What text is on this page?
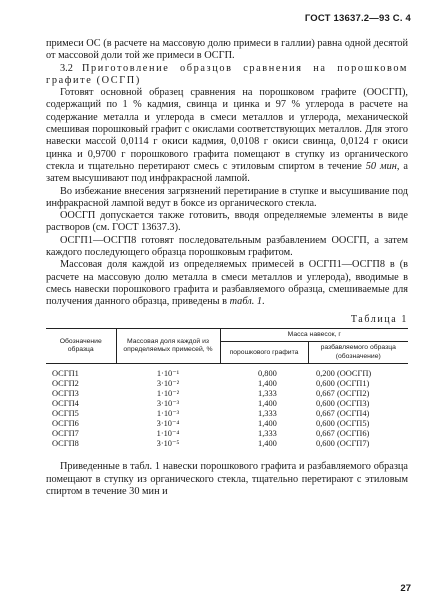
ГОСТ 13637.2—93 С. 4

примеси ОС (в расчете на массовую долю примеси в галлии) равна одной десятой от массовой доли той же примеси в ОСГП.

3.2 Приготовление образцов сравнения на порошковом графите (ОСГП)

Готовят основной образец сравнения на порошковом графите (ООСГП), содержащий по 1 % кадмия, свинца и цинка и 97 % углерода в расчете на содержание металла и углерода в смеси металлов и углерода, механической смешивая порошковый графит с окислами соответствующих металлов. Для этого навески массой 0,0114 г окиси кадмия, 0,0108 г окиси свинца, 0,0124 г окиси цинка и 0,9700 г порошкового графита помещают в ступку из органического стекла и тщательно перетирают смесь с этиловым спиртом в течение 50 мин, а затем высушивают под инфракрасной лампой.

Во избежание внесения загрязнений перетирание в ступке и высушивание под инфракрасной лампой ведут в боксе из органического стекла.

ООСГП допускается также готовить, вводя определяемые элементы в виде растворов (см. ГОСТ 13637.3).

ОСГП1—ОСГП8 готовят последовательным разбавлением ООСГП, а затем каждого последующего образца порошковым графитом.

Массовая доля каждой из определяемых примесей в ОСГП1—ОСГП8 в (в расчете на массовую долю металла в смеси металлов и углерода), вводимые в смесь навески порошкового графита и разбавляемого образца, смешиваемые для получения данного образца, приведены в табл. 1.

Таблица 1
Обозначение образца	Массовая доля каждой из определяемых примесей, %	Масса навесок, г	
		порошкового графита	разбавляемого образца (обозначение)
ОСГП1	1·10⁻¹	0,800	0,200 (ООСГП)
ОСГП2	3·10⁻²	1,400	0,600 (ОСГП1)
ОСГП3	1·10⁻²	1,333	0,667 (ОСГП2)
ОСГП4	3·10⁻³	1,400	0,600 (ОСГП3)
ОСГП5	1·10⁻³	1,333	0,667 (ОСГП4)
ОСГП6	3·10⁻⁴	1,400	0,600 (ОСГП5)
ОСГП7	1·10⁻⁴	1,333	0,667 (ОСГП6)
ОСГП8	3·10⁻⁵	1,400	0,600 (ОСГП7)

Приведенные в табл. 1 навески порошкового графита и разбавляемого образца помещают в ступку из органического стекла, тщательно перетирают с этиловым спиртом в течение 30 мин и

27
